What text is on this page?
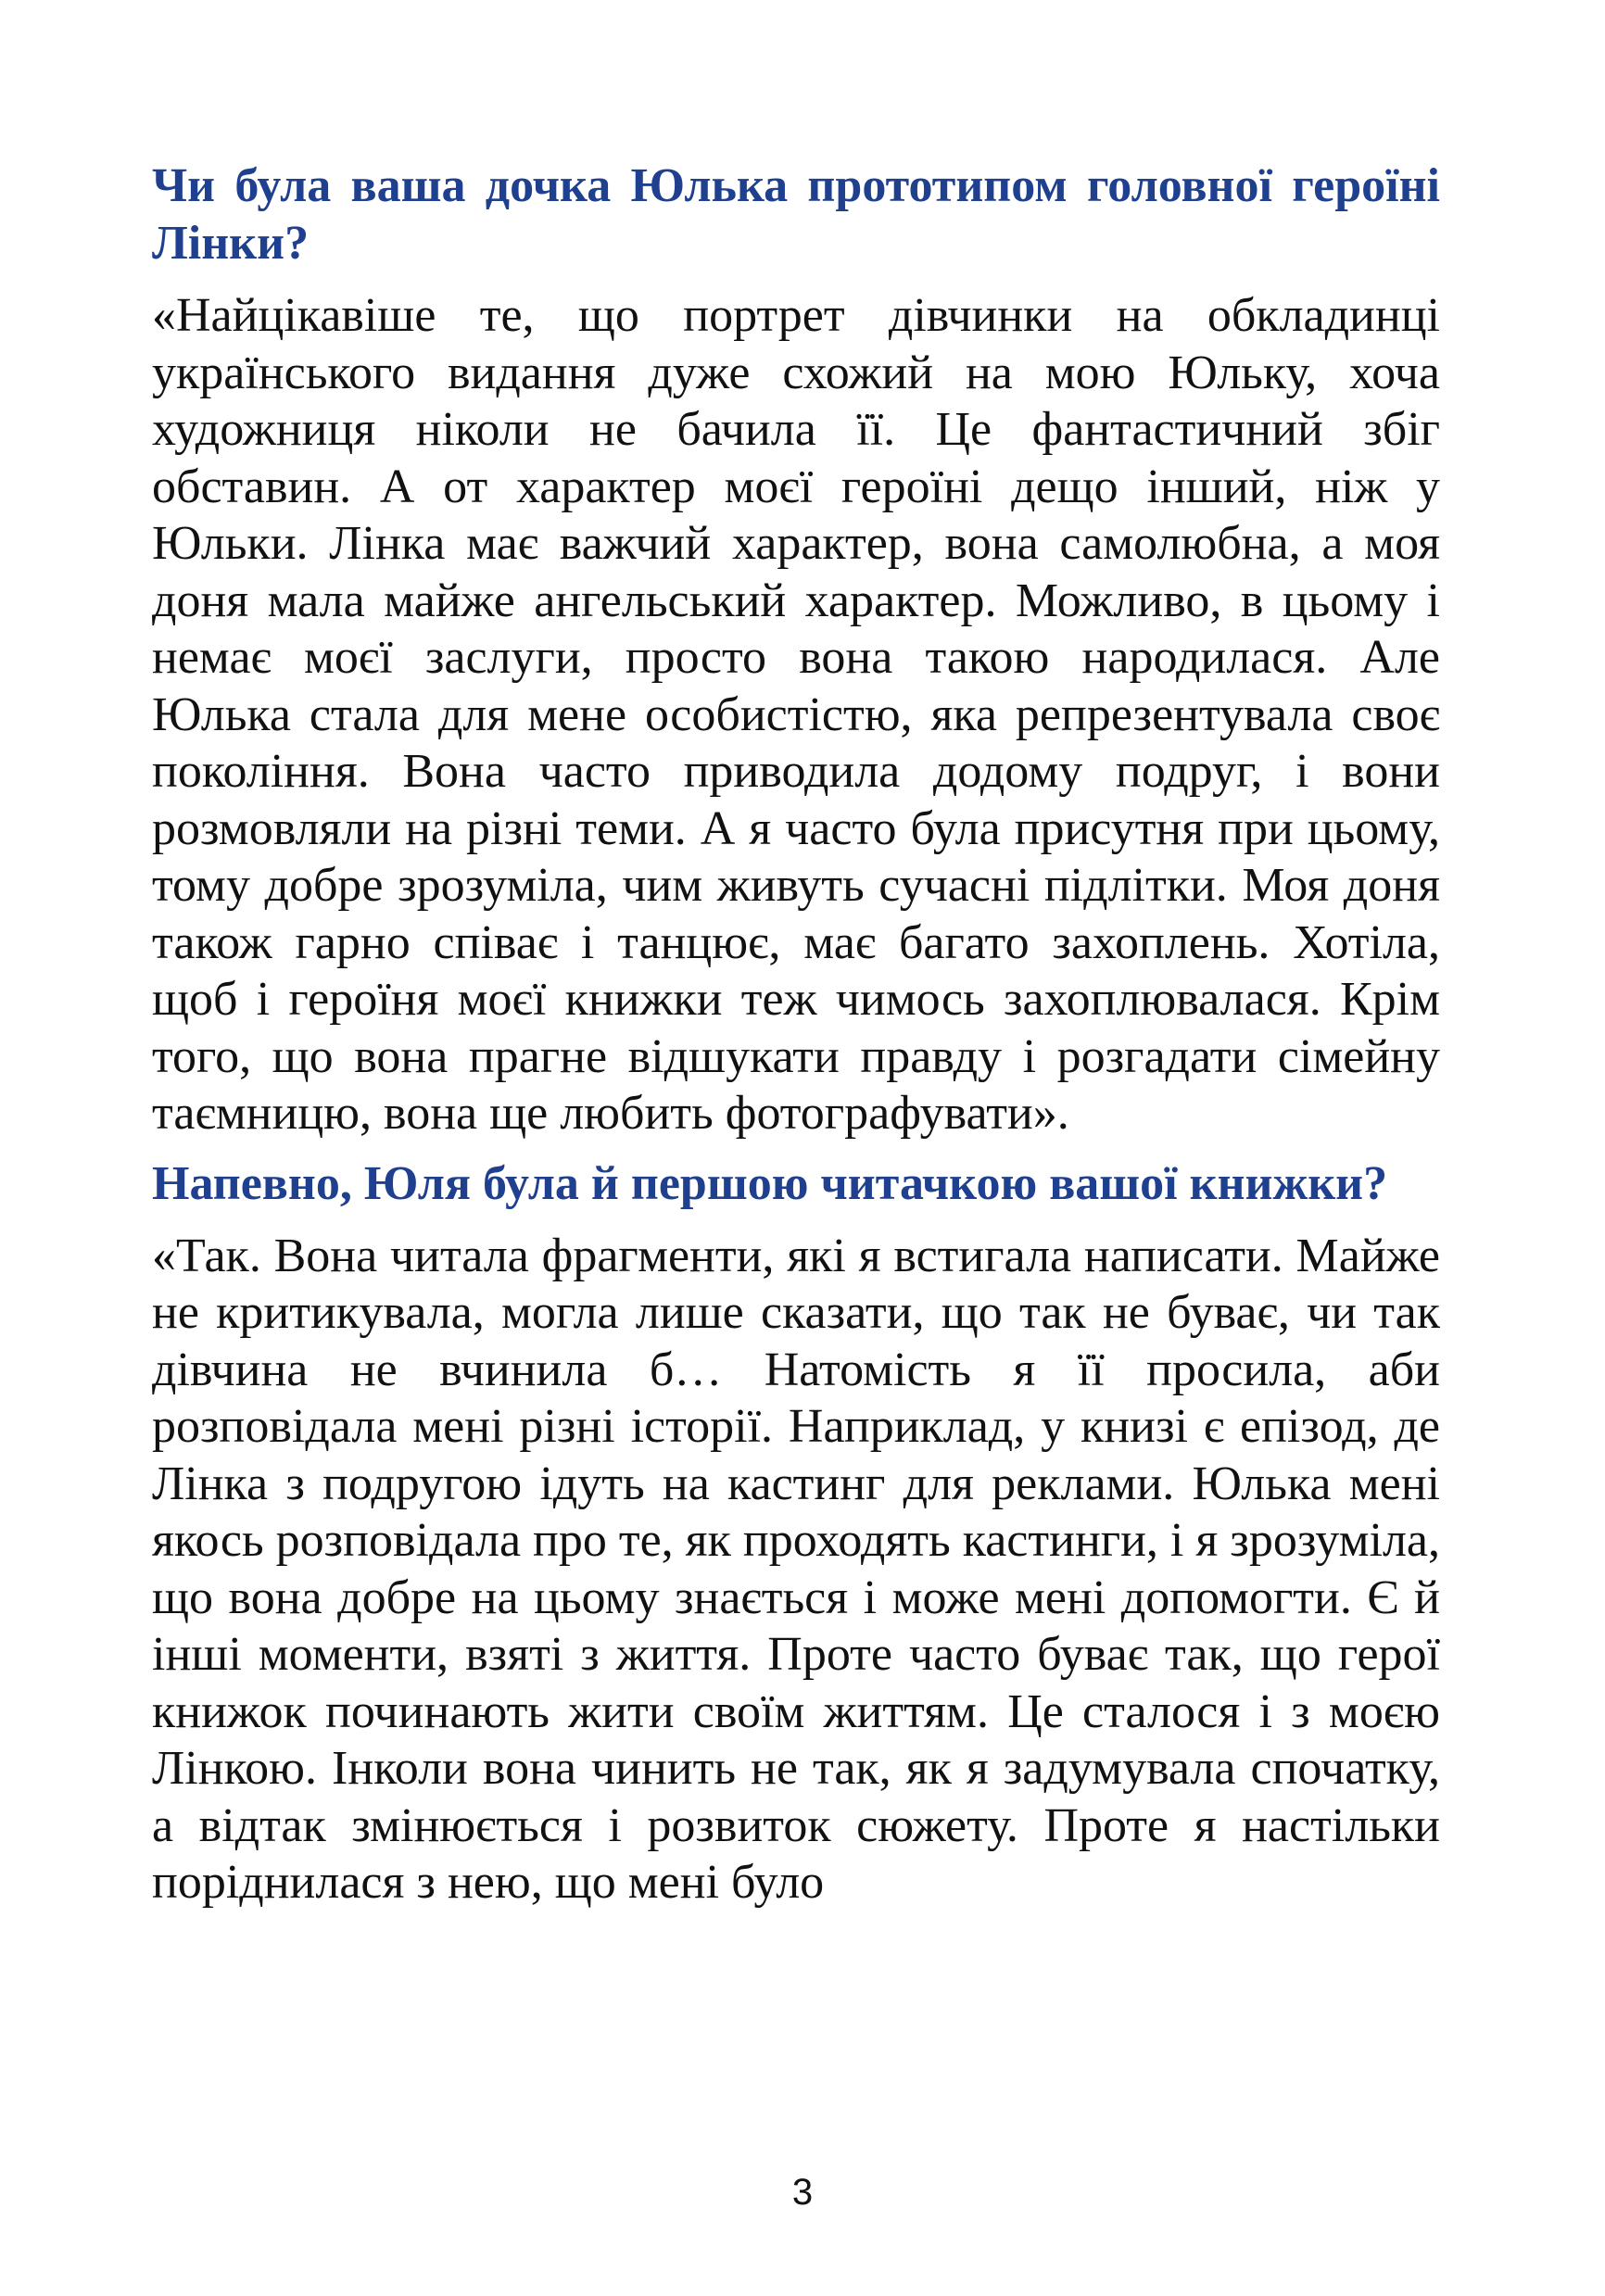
Чи була ваша дочка Юлька прототипом головної героїні Лінки?

«Найцікавіше те, що портрет дівчинки на обкладинці українського видання дуже схожий на мою Юльку, хоча художниця ніколи не бачила її. Це фантастичний збіг обставин. А от характер моєї героїні дещо інший, ніж у Юльки. Лінка має важчий характер, вона самолюбна, а моя доня мала майже ангельський характер. Можливо, в цьому і немає моєї заслуги, просто вона такою народилася. Але Юлька стала для мене особистістю, яка репрезентувала своє покоління. Вона часто приводила додому подруг, і вони розмовляли на різні теми. А я часто була присутня при цьому, тому добре зрозуміла, чим живуть сучасні підлітки. Моя доня також гарно співає і танцює, має багато захоплень. Хотіла, щоб і героїня моєї книжки теж чимось захоплювалася. Крім того, що вона прагне відшукати правду і розгадати сімейну таємницю, вона ще любить фотографувати».

Напевно, Юля була й першою читачкою вашої книжки?

«Так. Вона читала фрагменти, які я встигала написати. Майже не критикувала, могла лише сказати, що так не буває, чи так дівчина не вчинила б… Натомість я її просила, аби розповідала мені різні історії. Наприклад, у книзі є епізод, де Лінка з подругою ідуть на кастинг для реклами. Юлька мені якось розповідала про те, як проходять кастинги, і я зрозуміла, що вона добре на цьому знається і може мені допомогти. Є й інші моменти, взяті з життя. Проте часто буває так, що герої книжок починають жити своїм життям. Це сталося і з моєю Лінкою. Інколи вона чинить не так, як я задумувала спочатку, а відтак змінюється і розвиток сюжету. Проте я настільки поріднилася з нею, що мені було

3
